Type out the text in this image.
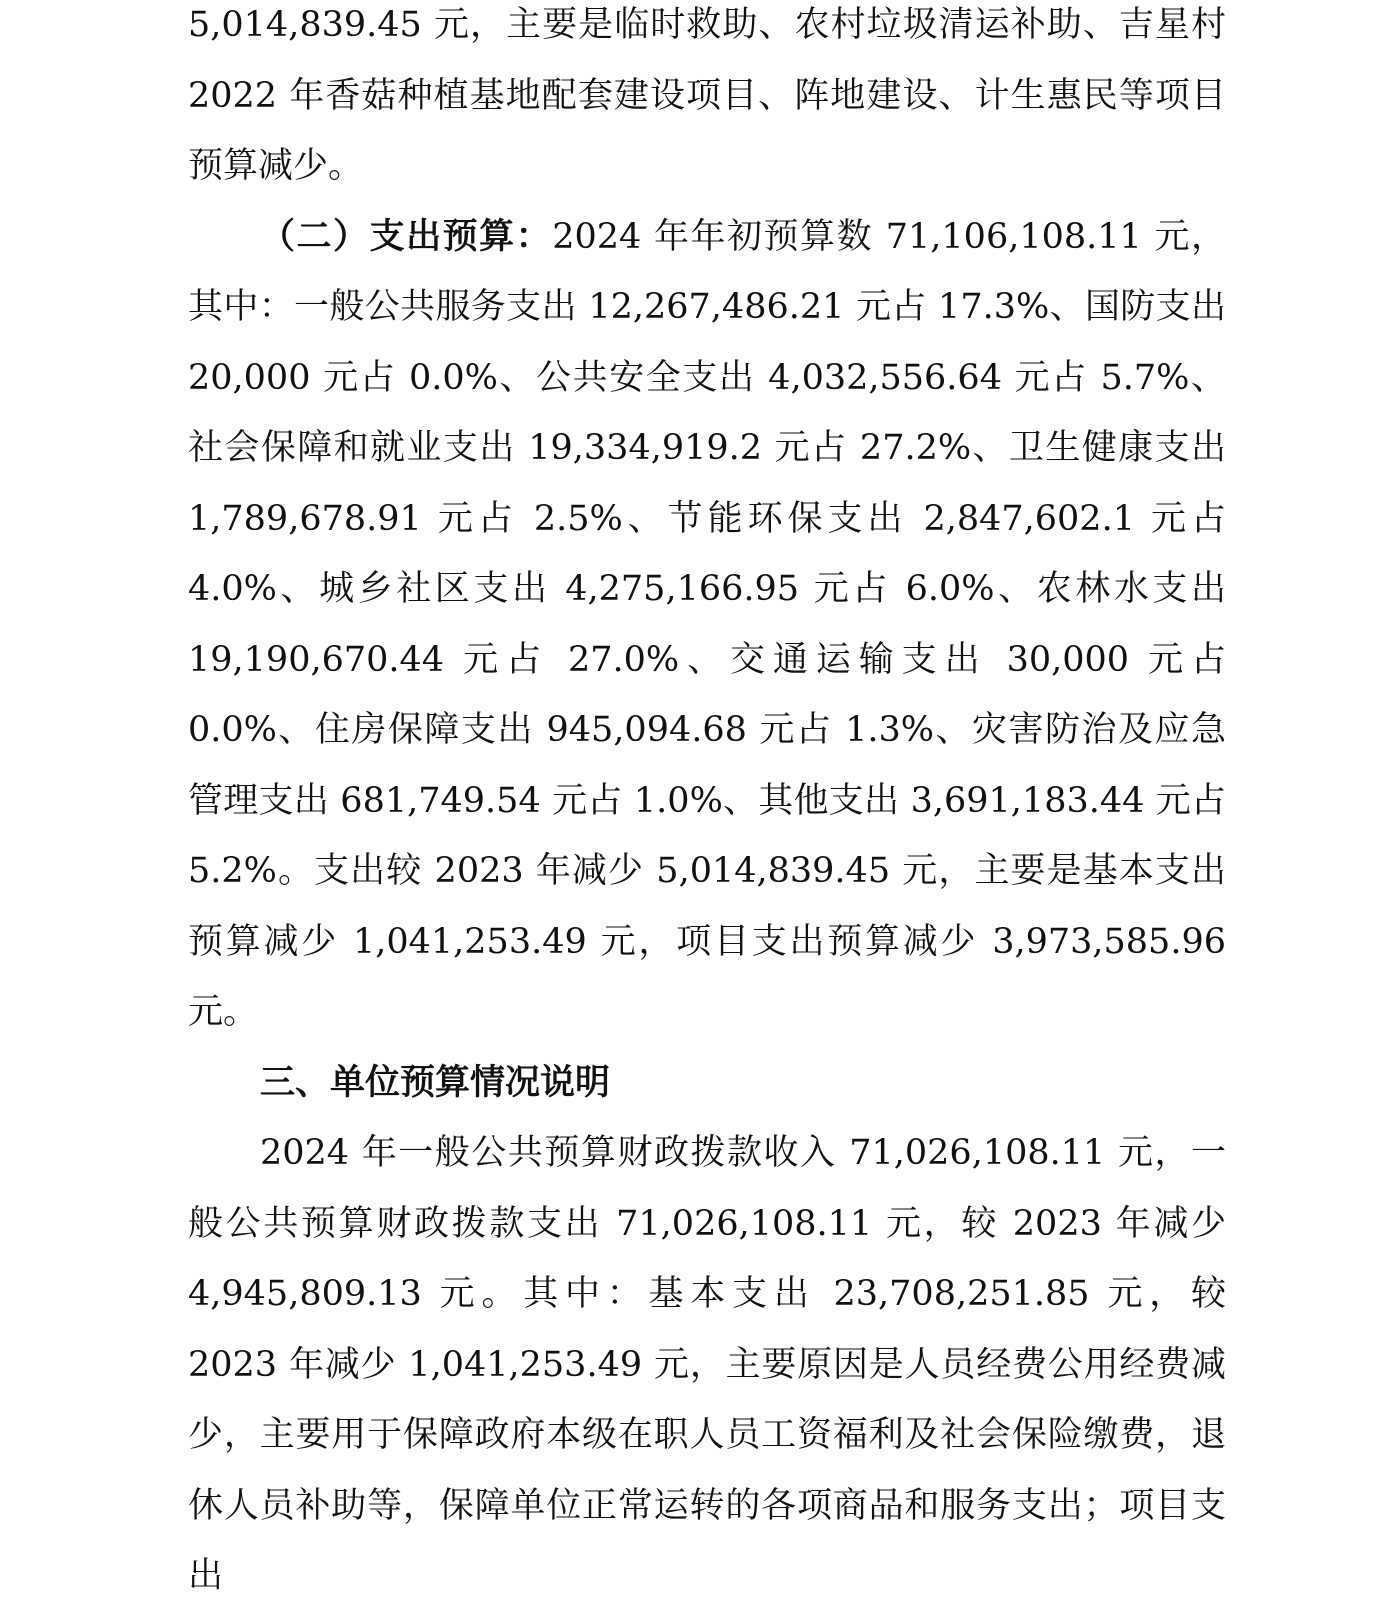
5,014,839.45 元，主要是临时救助、农村垃圾清运补助、吉星村 2022 年香菇种植基地配套建设项目、阵地建设、计生惠民等项目预算减少。

（二）支出预算：2024 年年初预算数 71,106,108.11 元，其中：一般公共服务支出 12,267,486.21 元占 17.3%、国防支出 20,000 元占 0.0%、公共安全支出 4,032,556.64 元占 5.7%、社会保障和就业支出 19,334,919.2 元占 27.2%、卫生健康支出 1,789,678.91 元占 2.5%、节能环保支出 2,847,602.1 元占 4.0%、城乡社区支出 4,275,166.95 元占 6.0%、农林水支出 19,190,670.44 元占 27.0%、交通运输支出 30,000 元占 0.0%、住房保障支出 945,094.68 元占 1.3%、灾害防治及应急管理支出 681,749.54 元占 1.0%、其他支出 3,691,183.44 元占 5.2%。支出较 2023 年减少 5,014,839.45 元，主要是基本支出预算减少 1,041,253.49 元，项目支出预算减少 3,973,585.96 元。

三、单位预算情况说明

2024 年一般公共预算财政拨款收入 71,026,108.11 元，一般公共预算财政拨款支出 71,026,108.11 元，较 2023 年减少 4,945,809.13 元。其中：基本支出 23,708,251.85 元，较 2023 年减少 1,041,253.49 元，主要原因是人员经费公用经费减少，主要用于保障政府本级在职人员工资福利及社会保险缴费，退休人员补助等，保障单位正常运转的各项商品和服务支出；项目支出
